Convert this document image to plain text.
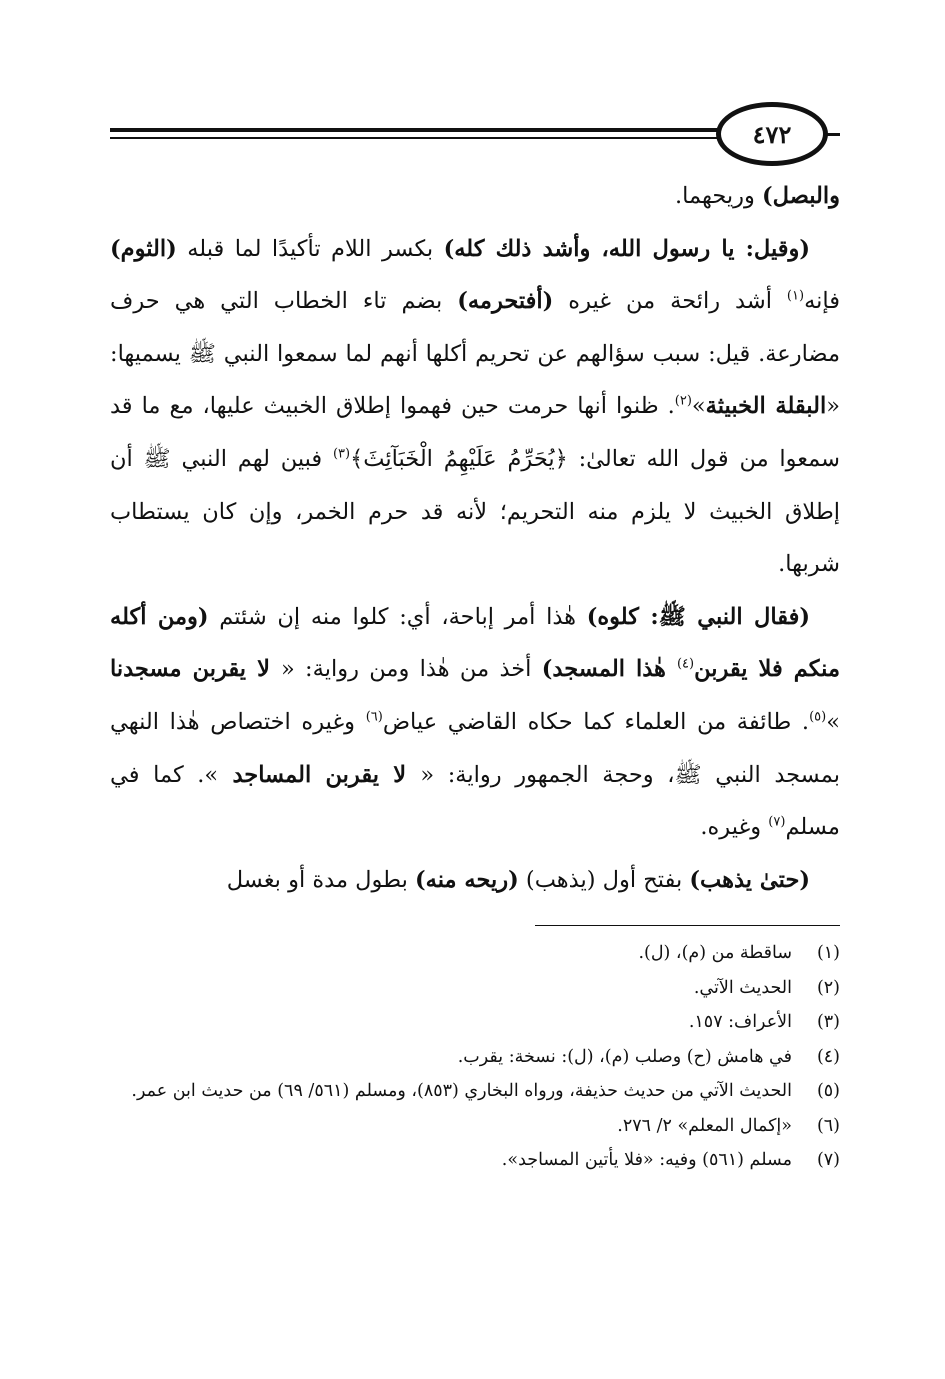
٤٧٢

والبصل) وريحهما.

(وقيل: يا رسول الله، وأشد ذلك كله) بكسر اللام تأكيدًا لما قبله (الثوم) فإنه$^{(١)}$ أشد رائحة من غيره (أفتحرمه) بضم تاء الخطاب التي هي حرف مضارعة. قيل: سبب سؤالهم عن تحريم أكلها أنهم لما سمعوا النبي ﷺ يسميها: «البقلة الخبيثة»$^{(٢)}$. ظنوا أنها حرمت حين فهموا إطلاق الخبيث عليها، مع ما قد سمعوا من قول الله تعالىٰ: ﴿يُحَرِّمُ عَلَيْهِمُ الْخَبَآئِثَ﴾$^{(٣)}$ فبين لهم النبي ﷺ أن إطلاق الخبيث لا يلزم منه التحريم؛ لأنه قد حرم الخمر، وإن كان يستطاب شربها.

(فقال النبي ﷺ: كلوه) هٰذا أمر إباحة، أي: كلوا منه إن شئتم (ومن أكله منكم فلا يقربن$^{(٤)}$ هٰذا المسجد) أخذ من هٰذا ومن رواية: « لا يقربن مسجدنا »$^{(٥)}$. طائفة من العلماء كما حكاه القاضي عياض$^{(٦)}$ وغيره اختصاص هٰذا النهي بمسجد النبي ﷺ، وحجة الجمهور رواية: « لا يقربن المساجد ». كما في مسلم$^{(٧)}$ وغيره.

(حتىٰ يذهب) بفتح أول (يذهب) (ريحه منه) بطول مدة أو بغسل

(١)
ساقطة من (م)، (ل).
(٢)
الحديث الآتي.
(٣)
الأعراف: ١٥٧.
(٤)
في هامش (ح) وصلب (م)، (ل): نسخة: يقرب.
(٥)
الحديث الآتي من حديث حذيفة، ورواه البخاري (٨٥٣)، ومسلم (٥٦١/ ٦٩) من حديث ابن عمر.
(٦)
«إكمال المعلم» ٢/ ٢٧٦.
(٧)
مسلم (٥٦١) وفيه: «فلا يأتين المساجد».
